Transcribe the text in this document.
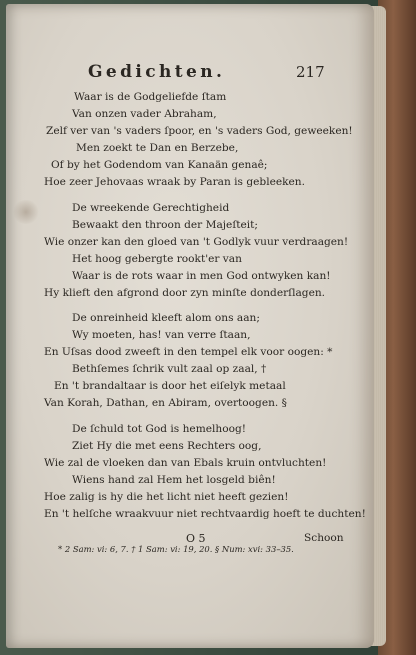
Gedichten.	217
Waar is de Godgeliefde ſtam
Van onzen vader Abraham,
Zelf ver van 's vaders ſpoor, en 's vaders God, geweeken!
Men zoekt te Dan en Berzebe,
Of by het Godendom van Kanaän genaê;
Hoe zeer Jehovaas wraak by Paran is gebleeken.
De wreekende Gerechtigheid
Bewaakt den throon der Majeſteit;
Wie onzer kan den gloed van 't Godlyk vuur verdraagen!
Het hoog gebergte rookt'er van
Waar is de rots waar in men God ontwyken kan!
Hy klieft den afgrond door zyn minſte donderſlagen.
De onreinheid kleeft alom ons aan;
Wy moeten, has! van verre ſtaan,
En Uſsas dood zweeft in den tempel elk voor oogen: *
Bethſemes ſchrik vult zaal op zaal, †
En 't brandaltaar is door het eiſelyk metaal
Van Korah, Dathan, en Abiram, overtoogen. §
De ſchuld tot God is hemelhoog!
Ziet Hy die met eens Rechters oog,
Wie zal de vloeken dan van Ebals kruin ontvluchten!
Wiens hand zal Hem het losgeld biên!
Hoe zalig is hy die het licht niet heeft gezien!
En 't helſche wraakvuur niet rechtvaardig hoeft te duchten!
O 5	Schoon
* 2 Sam: vi: 6, 7. † 1 Sam: vi: 19, 20. § Num: xvi: 33–35.
